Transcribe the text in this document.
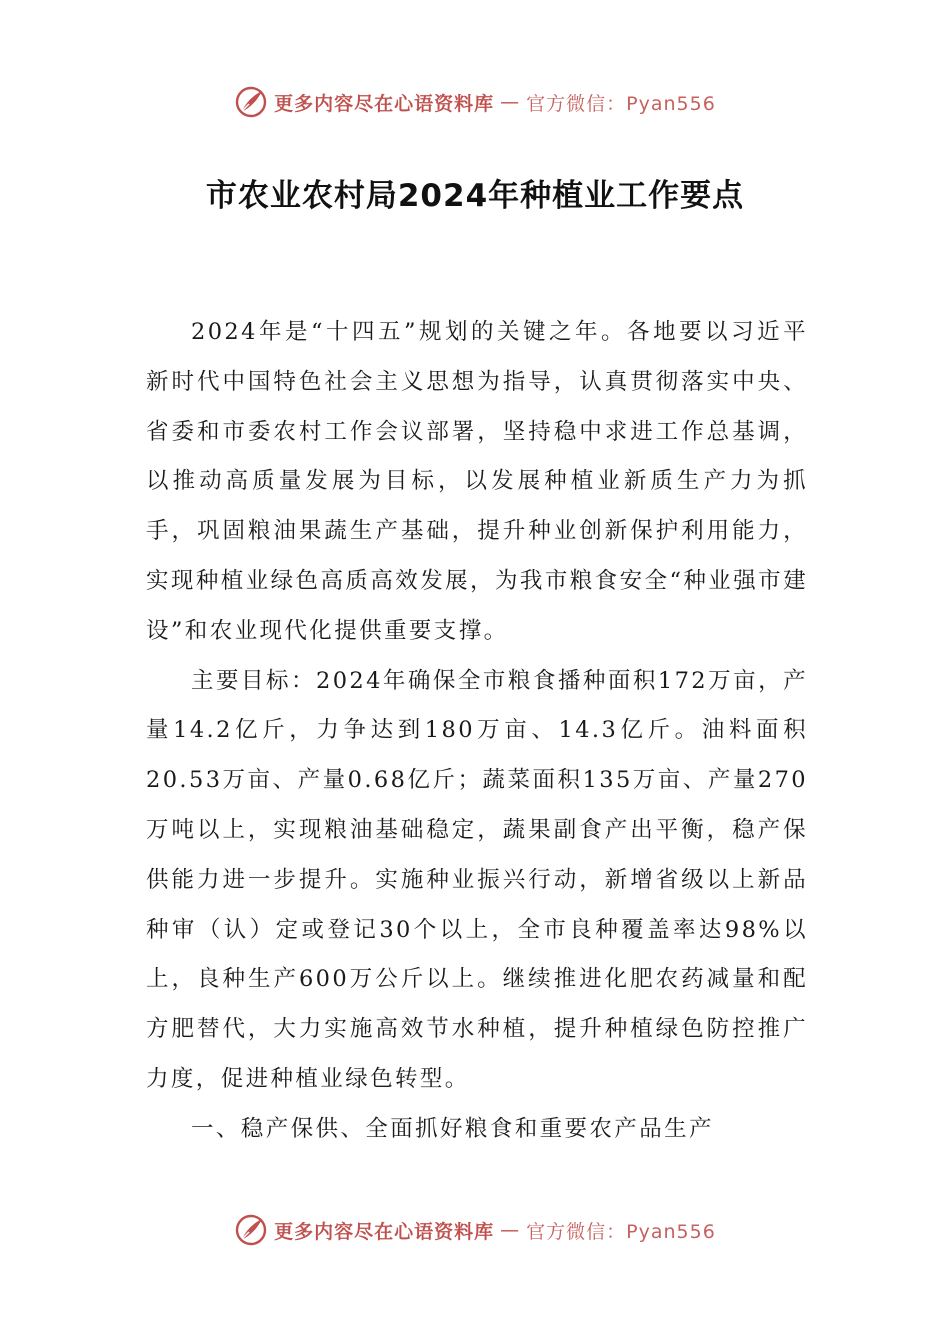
更多内容尽在心语资料库 — 官方微信：Pyan556
市农业农村局2024年种植业工作要点

2024年是“十四五”规划的关键之年。各地要以习近平新时代中国特色社会主义思想为指导，认真贯彻落实中央、省委和市委农村工作会议部署，坚持稳中求进工作总基调，以推动高质量发展为目标，以发展种植业新质生产力为抓手，巩固粮油果蔬生产基础，提升种业创新保护利用能力，实现种植业绿色高质高效发展，为我市粮食安全“种业强市建设”和农业现代化提供重要支撑。

主要目标：2024年确保全市粮食播种面积172万亩，产量14.2亿斤，力争达到180万亩、14.3亿斤。油料面积20.53万亩、产量0.68亿斤；蔬菜面积135万亩、产量270万吨以上，实现粮油基础稳定，蔬果副食产出平衡，稳产保供能力进一步提升。实施种业振兴行动，新增省级以上新品种审（认）定或登记30个以上，全市良种覆盖率达98%以上，良种生产600万公斤以上。继续推进化肥农药减量和配方肥替代，大力实施高效节水种植，提升种植绿色防控推广力度，促进种植业绿色转型。

一、稳产保供、全面抓好粮食和重要农产品生产

更多内容尽在心语资料库 — 官方微信：Pyan556
